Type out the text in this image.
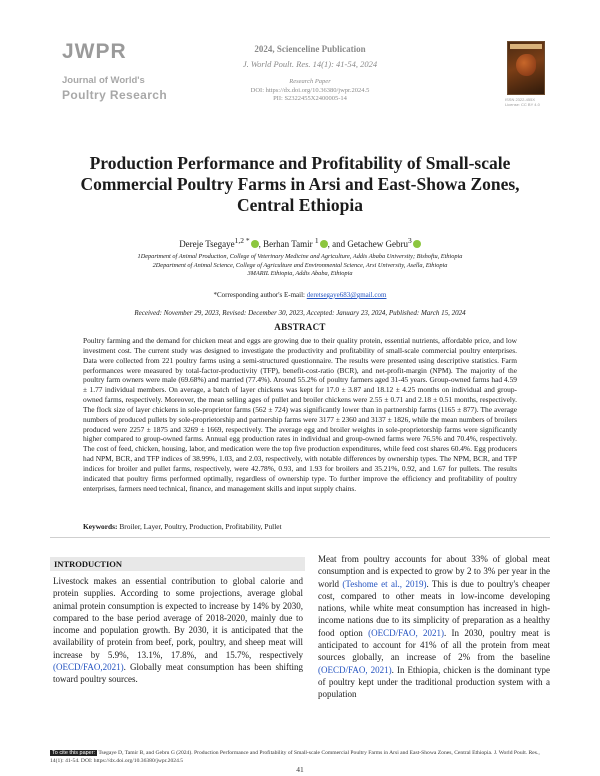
JWPR
Journal of World's
Poultry Research
2024, Scienceline Publication
J. World Poult. Res. 14(1): 41-54, 2024
Research Paper
DOI: https://dx.doi.org/10.36380/jwpr.2024.5
PII: S2322455X2400005-14	ISSN 2322-455X License: CC BY 4.0
Production Performance and Profitability of Small-scale Commercial Poultry Farms in Arsi and East-Showa Zones, Central Ethiopia
Dereje Tsegaye$^{1,2 *}$ , Berhan Tamir $^1$ , and Getachew Gebru$^3$
1Department of Animal Production, College of Veterinary Medicine and Agriculture, Addis Ababa University; Bishoftu, Ethiopia
2Department of Animal Science, College of Agriculture and Environmental Science, Arsi University, Asella, Ethiopia
3MARIL Ethiopia, Addis Ababa, Ethiopia
*Corresponding author's E-mail: deretsegaye683@gmail.com
Received: November 29, 2023, Revised: December 30, 2023, Accepted: January 23, 2024, Published: March 15, 2024
ABSTRACT
Poultry farming and the demand for chicken meat and eggs are growing due to their quality protein, essential nutrients, affordable price, and low investment cost. The current study was designed to investigate the productivity and profitability of small-scale commercial poultry enterprises. Data were collected from 221 poultry farms using a semi-structured questionnaire. The results were presented using descriptive statistics. Farm performances were measured by total-factor-productivity (TFP), benefit-cost-ratio (BCR), and net-profit-margin (NPM). The majority of the poultry farm owners were male (69.68%) and married (77.4%). Around 55.2% of poultry farmers aged 31-45 years. Group-owned farms had 4.59 ± 1.77 individual members. On average, a batch of layer chickens was kept for 17.0 ± 3.87 and 18.12 ± 4.25 months on individual and group-owned farms, respectively. Moreover, the mean selling ages of pullet and broiler chickens were 2.55 ± 0.71 and 2.18 ± 0.51 months, respectively. The flock size of layer chickens in sole-proprietor farms (562 ± 724) was significantly lower than in partnership farms (1165 ± 877). The average numbers of produced pullets by sole-proprietorship and partnership farms were 3177 ± 2360 and 3137 ± 1826, while the mean numbers of broilers produced were 2257 ± 1875 and 3269 ± 1669, respectively. The average egg and broiler weights in sole-proprietorship farms were significantly higher compared to group-owned farms. Annual egg production rates in individual and group-owned farms were 76.5% and 70.4%, respectively. The cost of feed, chicken, housing, labor, and medication were the top five production expenditures, while feed cost shares 60.4%. Egg producers had NPM, BCR, and TFP indices of 38.99%, 1.03, and 2.03, respectively, with notable differences by ownership types. The NPM, BCR, and TFP indices for broiler and pullet farms, respectively, were 42.78%, 0.93, and 1.93 for broilers and 35.21%, 0.92, and 1.67 for pullets. The results indicated that poultry firms performed optimally, regardless of ownership type. To further improve the efficiency and profitability of poultry enterprises, farmers need technical, finance, and management skills and input supply chains.
Keywords: Broiler, Layer, Poultry, Production, Profitability, Pullet
INTRODUCTION
Livestock makes an essential contribution to global calorie and protein supplies. According to some projections, average global animal protein consumption is expected to increase by 14% by 2030, compared to the base period average of 2018-2020, mainly due to income and population growth. By 2030, it is anticipated that the availability of protein from beef, pork, poultry, and sheep meat will increase by 5.9%, 13.1%, 17.8%, and 15.7%, respectively (OECD/FAO,2021). Globally meat consumption has been shifting toward poultry sources.
Meat from poultry accounts for about 33% of global meat consumption and is expected to grow by 2 to 3% per year in the world (Teshome et al., 2019). This is due to poultry's cheaper cost, compared to other meats in low-income developing nations, while white meat consumption has increased in high-income nations due to its simplicity of preparation as a healthy food option (OECD/FAO, 2021). In 2030, poultry meat is anticipated to account for 41% of all the protein from meat sources globally, an increase of 2% from the baseline (OECD/FAO, 2021). In Ethiopia, chicken is the dominant type of poultry kept under the traditional production system with a population
To cite this paper: Tsegaye D, Tamir B, and Gebru G (2024). Production Performance and Profitability of Small-scale Commercial Poultry Farms in Arsi and East-Showa Zones, Central Ethiopia. J. World Poult. Res., 14(1): 41-54. DOI: https://dx.doi.org/10.36380/jwpr.2024.5
41
